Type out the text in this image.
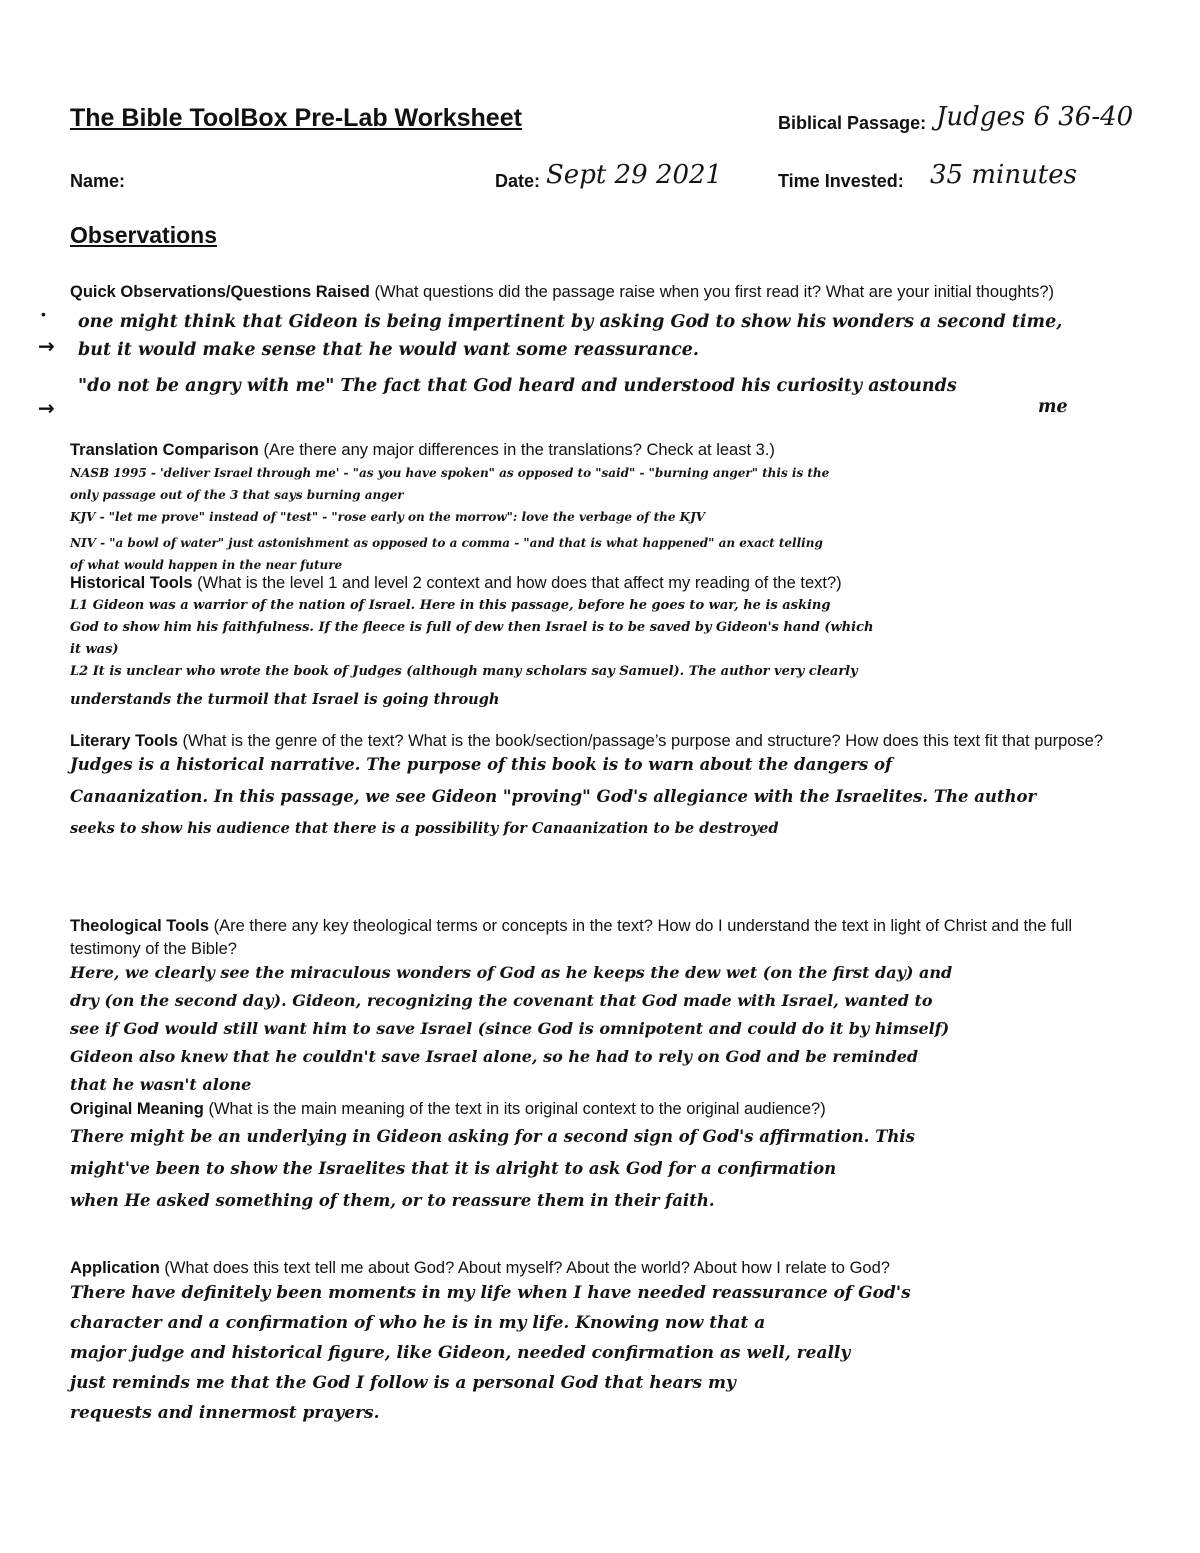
The Bible ToolBox Pre-Lab Worksheet	Biblical Passage: Judges 6 36-40
Name:	Date: Sept 29 2021	Time Invested: 35 minutes
Observations
•
→
→

Quick Observations/Questions Raised (What questions did the passage raise when you first read it? What are your initial thoughts?)

one might think that Gideon is being impertinent by asking God to show his wonders a second time,

but it would make sense that he would want some reassurance.

"do not be angry with me" The fact that God heard and understood his curiosity astounds

me

Translation Comparison (Are there any major differences in the translations? Check at least 3.)

NASB 1995 - 'deliver Israel through me' - "as you have spoken" as opposed to "said" - "burning anger" this is the

only passage out of the 3 that says burning anger

KJV - "let me prove" instead of "test" - "rose early on the morrow": love the verbage of the KJV

NIV - "a bowl of water" just astonishment as opposed to a comma - "and that is what happened" an exact telling

of what would happen in the near future

Historical Tools (What is the level 1 and level 2 context and how does that affect my reading of the text?)

L1 Gideon was a warrior of the nation of Israel. Here in this passage, before he goes to war, he is asking

God to show him his faithfulness. If the fleece is full of dew then Israel is to be saved by Gideon's hand (which

it was)

L2 It is unclear who wrote the book of Judges (although many scholars say Samuel). The author very clearly

understands the turmoil that Israel is going through

Literary Tools (What is the genre of the text? What is the book/section/passage’s purpose and structure? How does this text fit that purpose?

Judges is a historical narrative. The purpose of this book is to warn about the dangers of

Canaanization. In this passage, we see Gideon "proving" God's allegiance with the Israelites. The author

seeks to show his audience that there is a possibility for Canaanization to be destroyed

Theological Tools (Are there any key theological terms or concepts in the text? How do I understand the text in light of Christ and the full testimony of the Bible?

Here, we clearly see the miraculous wonders of God as he keeps the dew wet (on the first day) and

dry (on the second day). Gideon, recognizing the covenant that God made with Israel, wanted to

see if God would still want him to save Israel (since God is omnipotent and could do it by himself)

Gideon also knew that he couldn't save Israel alone, so he had to rely on God and be reminded

that he wasn't alone

Original Meaning (What is the main meaning of the text in its original context to the original audience?)

There might be an underlying in Gideon asking for a second sign of God's affirmation. This

might've been to show the Israelites that it is alright to ask God for a confirmation

when He asked something of them, or to reassure them in their faith.

Application (What does this text tell me about God? About myself? About the world? About how I relate to God?

There have definitely been moments in my life when I have needed reassurance of God's

character and a confirmation of who he is in my life. Knowing now that a

major judge and historical figure, like Gideon, needed confirmation as well, really

just reminds me that the God I follow is a personal God that hears my

requests and innermost prayers.
